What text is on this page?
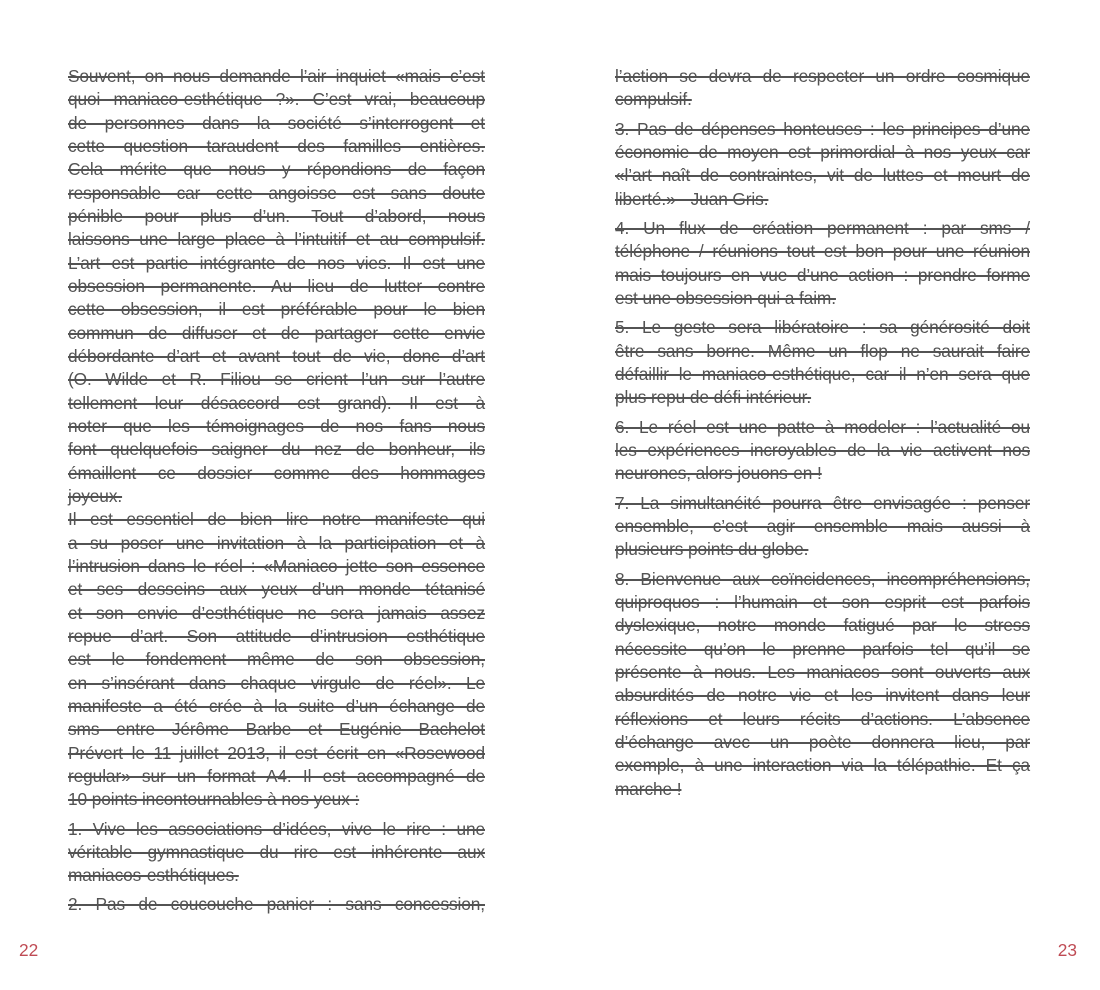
Souvent, on nous demande l’air inquiet «mais c’est
quoi maniaco-esthétique ?». C’est vrai, beaucoup
de personnes dans la société s’interrogent et
cette question taraudent des familles entières.
Cela mérite que nous y répondions de façon
responsable car cette angoisse est sans doute
pénible pour plus d’un. Tout d’abord, nous
laissons une large place à l’intuitif et au compulsif.
L’art est partie intégrante de nos vies. Il est une
obsession permanente. Au lieu de lutter contre
cette obsession, il est préférable pour le bien
commun de diffuser et de partager cette envie
débordante d’art et avant tout de vie, donc d’art
(O. Wilde et R. Filiou se crient l’un sur l’autre
tellement leur désaccord est grand). Il est à
noter que les témoignages de nos fans nous
font quelquefois saigner du nez de bonheur, ils
émaillent ce dossier comme des hommages
joyeux.
Il est essentiel de bien lire notre manifeste qui
a su poser une invitation à la participation et à
l’intrusion dans le réel : «Maniaco jette son essence
et ses desseins aux yeux d’un monde tétanisé
et son envie d’esthétique ne sera jamais assez
repue d’art. Son attitude d’intrusion esthétique
est le fondement même de son obsession,
en s’insérant dans chaque virgule de réel». Le
manifeste a été crée à la suite d’un échange de
sms entre Jérôme Barbe et Eugénie Bachelot
Prévert le 11 juillet 2013, il est écrit en «Rosewood
regular» sur un format A4. Il est accompagné de
10 points incontournables à nos yeux :
1. Vive les associations d’idées, vive le rire : une
véritable gymnastique du rire est inhérente aux
maniacos-esthétiques.
2. Pas de coucouche panier : sans concession,
l’action se devra de respecter un ordre cosmique
compulsif.
3. Pas de dépenses honteuses : les principes d’une
économie de moyen est primordial à nos yeux car
«l’art naît de contraintes, vit de luttes et meurt de
liberté.» - Juan Gris.
4. Un flux de création permanent : par sms /
téléphone / réunions tout est bon pour une réunion
mais toujours en vue d’une action : prendre forme
est une obsession qui a faim.
5. Le geste sera libératoire : sa générosité doit
être sans borne. Même un flop ne saurait faire
défaillir le maniaco-esthétique, car il n’en sera que
plus repu de défi intérieur.
6. Le réel est une patte à modeler : l’actualité ou
les expériences incroyables de la vie activent nos
neurones, alors jouons-en !
7. La simultanéité pourra être envisagée : penser
ensemble, c’est agir ensemble mais aussi à
plusieurs points du globe.
8. Bienvenue aux coïncidences, incompréhensions,
quiproquos : l’humain et son esprit est parfois
dyslexique, notre monde fatigué par le stress
nécessite qu’on le prenne parfois tel qu’il se
présente à nous. Les maniacos sont ouverts aux
absurdités de notre vie et les invitent dans leur
réflexions et leurs récits d’actions. L’absence
d’échange avec un poète donnera lieu, par
exemple, à une interaction via la télépathie. Et ça
marche !
22	23
